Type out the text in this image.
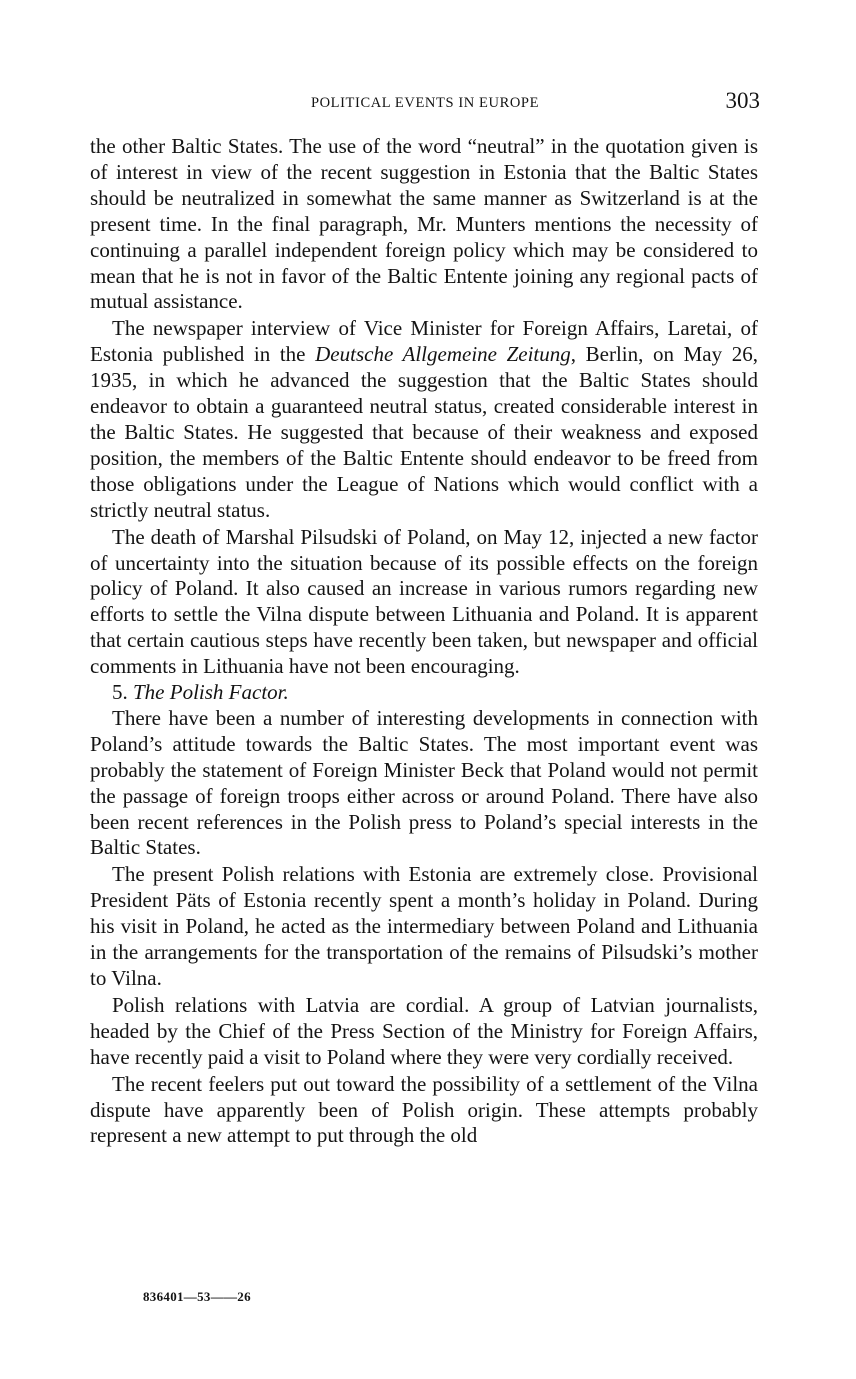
POLITICAL EVENTS IN EUROPE	303

the other Baltic States. The use of the word “neutral” in the quotation given is of interest in view of the recent suggestion in Estonia that the Baltic States should be neutralized in somewhat the same manner as Switzerland is at the present time. In the final paragraph, Mr. Munters mentions the necessity of continuing a parallel independent foreign policy which may be considered to mean that he is not in favor of the Baltic Entente joining any regional pacts of mutual assistance.

The newspaper interview of Vice Minister for Foreign Affairs, Laretai, of Estonia published in the Deutsche Allgemeine Zeitung, Berlin, on May 26, 1935, in which he advanced the suggestion that the Baltic States should endeavor to obtain a guaranteed neutral status, created considerable interest in the Baltic States. He suggested that because of their weakness and exposed position, the members of the Baltic Entente should endeavor to be freed from those obligations under the League of Nations which would conflict with a strictly neutral status.

The death of Marshal Pilsudski of Poland, on May 12, injected a new factor of uncertainty into the situation because of its possible effects on the foreign policy of Poland. It also caused an increase in various rumors regarding new efforts to settle the Vilna dispute between Lithuania and Poland. It is apparent that certain cautious steps have recently been taken, but newspaper and official comments in Lithuania have not been encouraging.

5. The Polish Factor.

There have been a number of interesting developments in connection with Poland’s attitude towards the Baltic States. The most important event was probably the statement of Foreign Minister Beck that Poland would not permit the passage of foreign troops either across or around Poland. There have also been recent references in the Polish press to Poland’s special interests in the Baltic States.

The present Polish relations with Estonia are extremely close. Provisional President Päts of Estonia recently spent a month’s holiday in Poland. During his visit in Poland, he acted as the intermediary between Poland and Lithuania in the arrangements for the transportation of the remains of Pilsudski’s mother to Vilna.

Polish relations with Latvia are cordial. A group of Latvian journalists, headed by the Chief of the Press Section of the Ministry for Foreign Affairs, have recently paid a visit to Poland where they were very cordially received.

The recent feelers put out toward the possibility of a settlement of the Vilna dispute have apparently been of Polish origin. These attempts probably represent a new attempt to put through the old

836401—53——26
